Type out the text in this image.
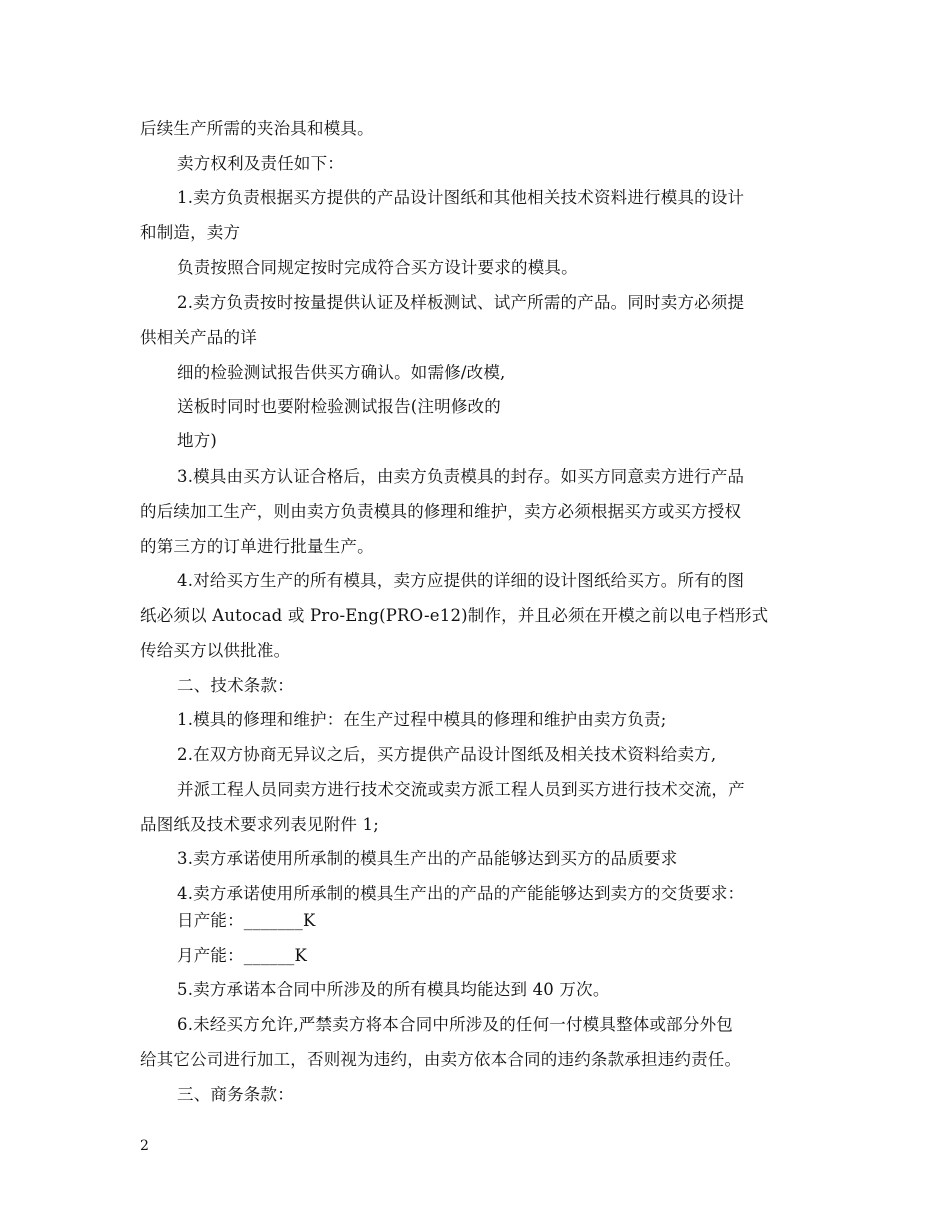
后续生产所需的夹治具和模具。
卖方权利及责任如下：
1.卖方负责根据买方提供的产品设计图纸和其他相关技术资料进行模具的设计
和制造，卖方
负责按照合同规定按时完成符合买方设计要求的模具。
2.卖方负责按时按量提供认证及样板测试、试产所需的产品。同时卖方必须提
供相关产品的详
细的检验测试报告供买方确认。如需修/改模,
送板时同时也要附检验测试报告(注明修改的
地方)
3.模具由买方认证合格后，由卖方负责模具的封存。如买方同意卖方进行产品
的后续加工生产，则由卖方负责模具的修理和维护，卖方必须根据买方或买方授权
的第三方的订单进行批量生产。
4.对给买方生产的所有模具，卖方应提供的详细的设计图纸给买方。所有的图
纸必须以 Autocad 或 Pro-Eng(PRO-e12)制作，并且必须在开模之前以电子档形式
传给买方以供批准。
二、技术条款：
1.模具的修理和维护：在生产过程中模具的修理和维护由卖方负责;
2.在双方协商无异议之后，买方提供产品设计图纸及相关技术资料给卖方,
并派工程人员同卖方进行技术交流或卖方派工程人员到买方进行技术交流，产
品图纸及技术要求列表见附件 1;
3.卖方承诺使用所承制的模具生产出的产品能够达到买方的品质要求
4.卖方承诺使用所承制的模具生产出的产品的产能能够达到卖方的交货要求：
日产能：_______K
月产能：______K
5.卖方承诺本合同中所涉及的所有模具均能达到 40 万次。
6.未经买方允许,严禁卖方将本合同中所涉及的任何一付模具整体或部分外包
给其它公司进行加工，否则视为违约，由卖方依本合同的违约条款承担违约责任。
三、商务条款：
2
